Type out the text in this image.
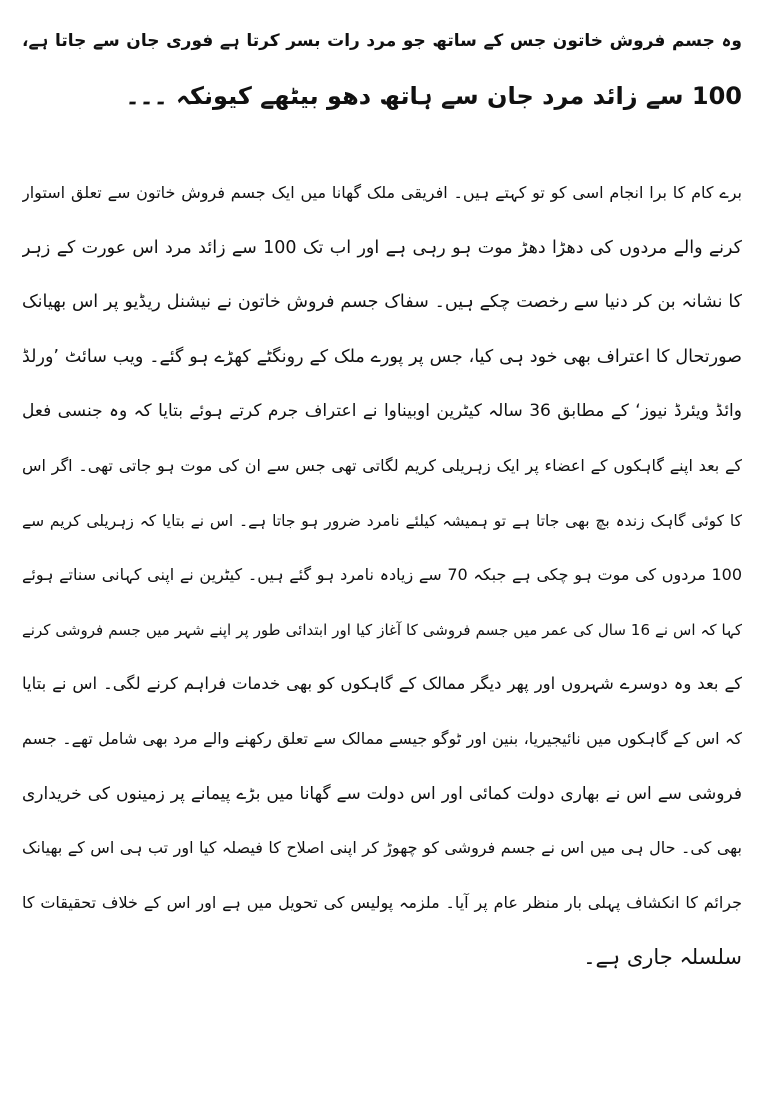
وہ جسم فروش خاتون جس کے ساتھ جو مرد رات بسر کرتا ہے فوری جان سے جاتا ہے،
100 سے زائد مرد جان سے ہاتھ دھو بیٹھے کیونکہ ۔۔۔
برے کام کا برا انجام اسی کو تو کہتے ہیں۔ افریقی ملک گھانا میں ایک جسم فروش خاتون سے تعلق استوار
کرنے والے مردوں کی دھڑا دھڑ موت ہو رہی ہے اور اب تک 100 سے زائد مرد اس عورت کے زہر
کا نشانہ بن کر دنیا سے رخصت چکے ہیں۔ سفاک جسم فروش خاتون نے نیشنل ریڈیو پر اس بھیانک
صورتحال کا اعتراف بھی خود ہی کیا، جس پر پورے ملک کے رونگٹے کھڑے ہو گئے۔ ویب سائٹ ’ورلڈ
وائڈ ویئرڈ نیوز‘ کے مطابق 36 سالہ کیٹرین اوبیناوا نے اعتراف جرم کرتے ہوئے بتایا کہ وہ جنسی فعل
کے بعد اپنے گاہکوں کے اعضاء پر ایک زہریلی کریم لگاتی تھی جس سے ان کی موت ہو جاتی تھی۔ اگر اس
کا کوئی گاہک زندہ بچ بھی جاتا ہے تو ہمیشہ کیلئے نامرد ضرور ہو جاتا ہے۔ اس نے بتایا کہ زہریلی کریم سے
100 مردوں کی موت ہو چکی ہے جبکہ 70 سے زیادہ نامرد ہو گئے ہیں۔ کیٹرین نے اپنی کہانی سناتے ہوئے
کہا کہ اس نے 16 سال کی عمر میں جسم فروشی کا آغاز کیا اور ابتدائی طور پر اپنے شہر میں جسم فروشی کرنے
کے بعد وہ دوسرے شہروں اور پھر دیگر ممالک کے گاہکوں کو بھی خدمات فراہم کرنے لگی۔ اس نے بتایا
کہ اس کے گاہکوں میں نائیجیریا، بنین اور ٹوگو جیسے ممالک سے تعلق رکھنے والے مرد بھی شامل تھے۔ جسم
فروشی سے اس نے بھاری دولت کمائی اور اس دولت سے گھانا میں بڑے پیمانے پر زمینوں کی خریداری
بھی کی۔ حال ہی میں اس نے جسم فروشی کو چھوڑ کر اپنی اصلاح کا فیصلہ کیا اور تب ہی اس کے بھیانک
جرائم کا انکشاف پہلی بار منظر عام پر آیا۔ ملزمہ پولیس کی تحویل میں ہے اور اس کے خلاف تحقیقات کا
سلسلہ جاری ہے۔
